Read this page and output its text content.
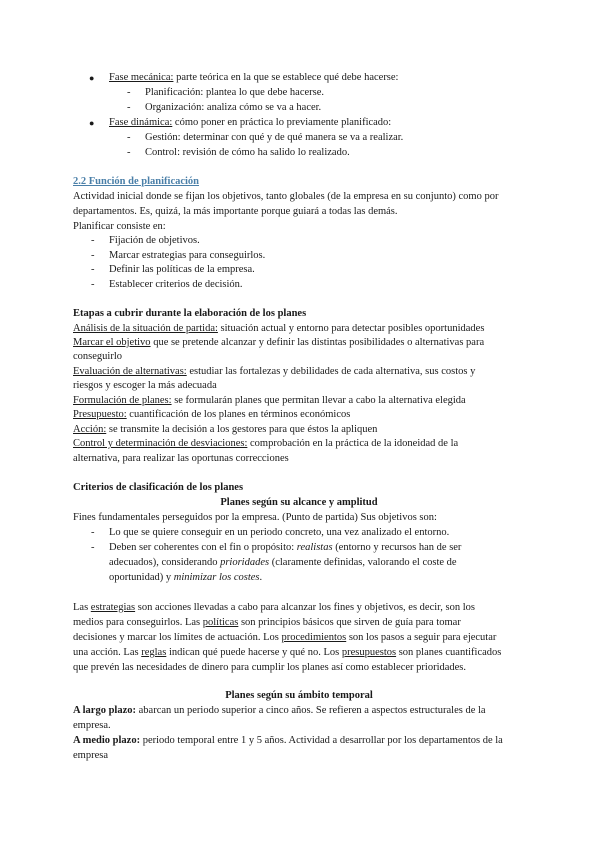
● Fase mecánica: parte teórica en la que se establece qué debe hacerse:
- Planificación: plantea lo que debe hacerse.
- Organización: analiza cómo se va a hacer.
● Fase dinámica: cómo poner en práctica lo previamente planificado:
- Gestión: determinar con qué y de qué manera se va a realizar.
- Control: revisión de cómo ha salido lo realizado.
2.2 Función de planificación
Actividad inicial donde se fijan los objetivos, tanto globales (de la empresa en su conjunto) como por
departamentos. Es, quizá, la más importante porque guiará a todas las demás.
Planificar consiste en:
- Fijación de objetivos.
- Marcar estrategias para conseguirlos.
- Definir las políticas de la empresa.
- Establecer criterios de decisión.
Etapas a cubrir durante la elaboración de los planes
Análisis de la situación de partida: situación actual y entorno para detectar posibles oportunidades
Marcar el objetivo que se pretende alcanzar y definir las distintas posibilidades o alternativas para
conseguirlo
Evaluación de alternativas: estudiar las fortalezas y debilidades de cada alternativa, sus costos y
riesgos y escoger la más adecuada
Formulación de planes: se formularán planes que permitan llevar a cabo la alternativa elegida
Presupuesto: cuantificación de los planes en términos económicos
Acción: se transmite la decisión a los gestores para que éstos la apliquen
Control y determinación de desviaciones: comprobación en la práctica de la idoneidad de la
alternativa, para realizar las oportunas correcciones
Criterios de clasificación de los planes
Planes según su alcance y amplitud
Fines fundamentales perseguidos por la empresa. (Punto de partida) Sus objetivos son:
- Lo que se quiere conseguir en un periodo concreto, una vez analizado el entorno.
- Deben ser coherentes con el fin o propósito: realistas (entorno y recursos han de ser
adecuados), considerando prioridades (claramente definidas, valorando el coste de
oportunidad) y minimizar los costes.
Las estrategias son acciones llevadas a cabo para alcanzar los fines y objetivos, es decir, son los
medios para conseguirlos. Las políticas son principios básicos que sirven de guía para tomar
decisiones y marcar los límites de actuación. Los procedimientos son los pasos a seguir para ejecutar
una acción. Las reglas indican qué puede hacerse y qué no. Los presupuestos son planes cuantificados
que prevén las necesidades de dinero para cumplir los planes así como establecer prioridades.
Planes según su ámbito temporal
A largo plazo: abarcan un periodo superior a cinco años. Se refieren a aspectos estructurales de la
empresa.
A medio plazo: periodo temporal entre 1 y 5 años. Actividad a desarrollar por los departamentos de la
empresa
